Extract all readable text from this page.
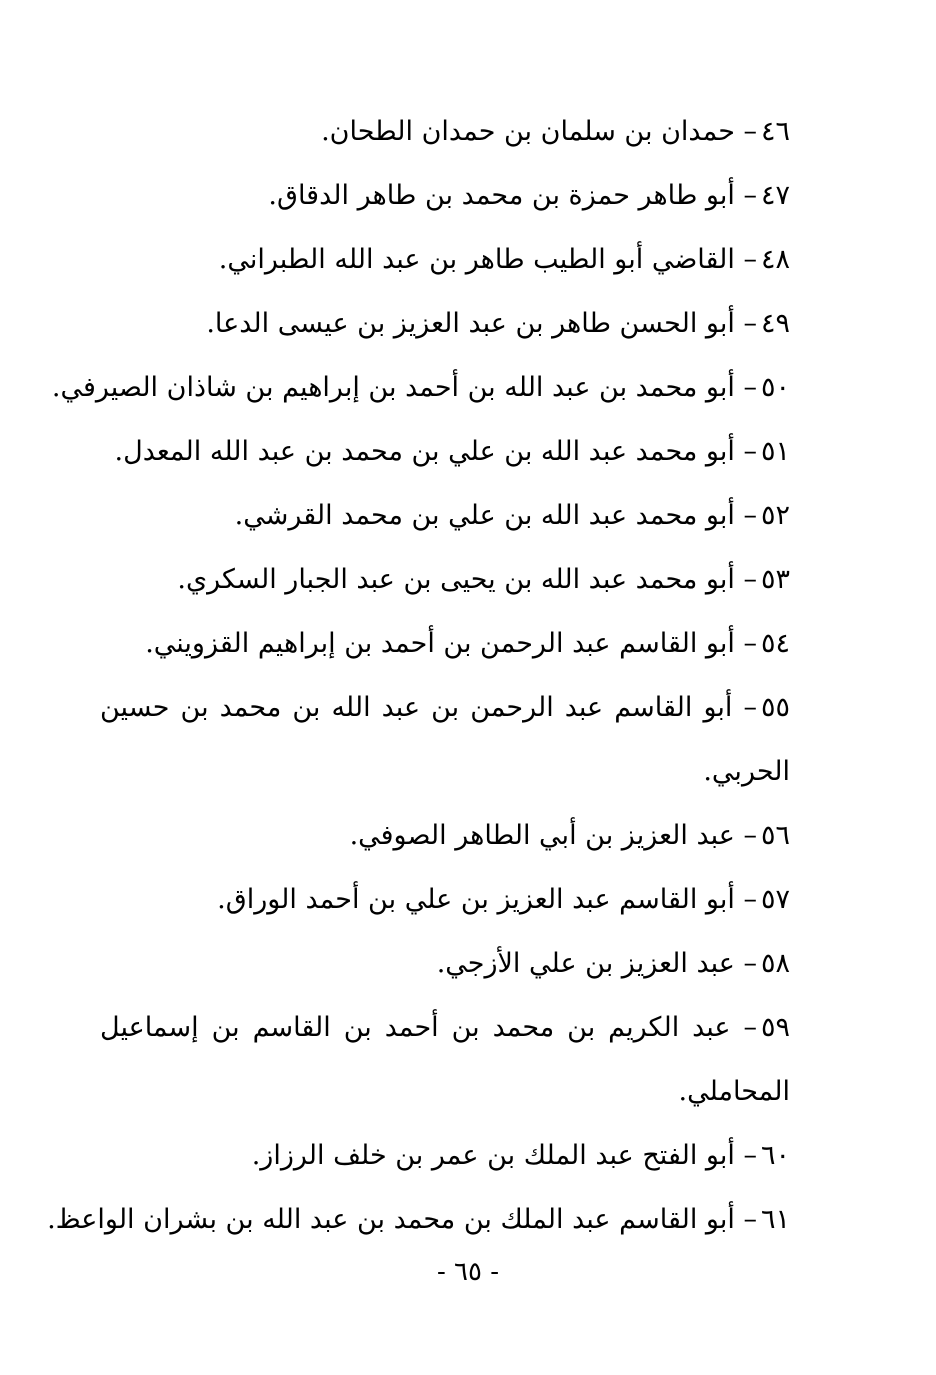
٤٦– حمدان بن سلمان بن حمدان الطحان.
٤٧– أبو طاهر حمزة بن محمد بن طاهر الدقاق.
٤٨– القاضي أبو الطيب طاهر بن عبد الله الطبراني.
٤٩– أبو الحسن طاهر بن عبد العزيز بن عيسى الدعا.
٥٠– أبو محمد بن عبد الله بن أحمد بن إبراهيم بن شاذان الصيرفي.
٥١– أبو محمد عبد الله بن علي بن محمد بن عبد الله المعدل.
٥٢– أبو محمد عبد الله بن علي بن محمد القرشي.
٥٣– أبو محمد عبد الله بن يحيى بن عبد الجبار السكري.
٥٤– أبو القاسم عبد الرحمن بن أحمد بن إبراهيم القزويني.
٥٥– أبو القاسم عبد الرحمن بن عبد الله بن محمد بن حسين الحربي.
٥٦– عبد العزيز بن أبي الطاهر الصوفي.
٥٧– أبو القاسم عبد العزيز بن علي بن أحمد الوراق.
٥٨– عبد العزيز بن علي الأزجي.
٥٩– عبد الكريم بن محمد بن أحمد بن القاسم بن إسماعيل المحاملي.
٦٠– أبو الفتح عبد الملك بن عمر بن خلف الرزاز.
٦١– أبو القاسم عبد الملك بن محمد بن عبد الله بن بشران الواعظ.
- ٦٥ -
